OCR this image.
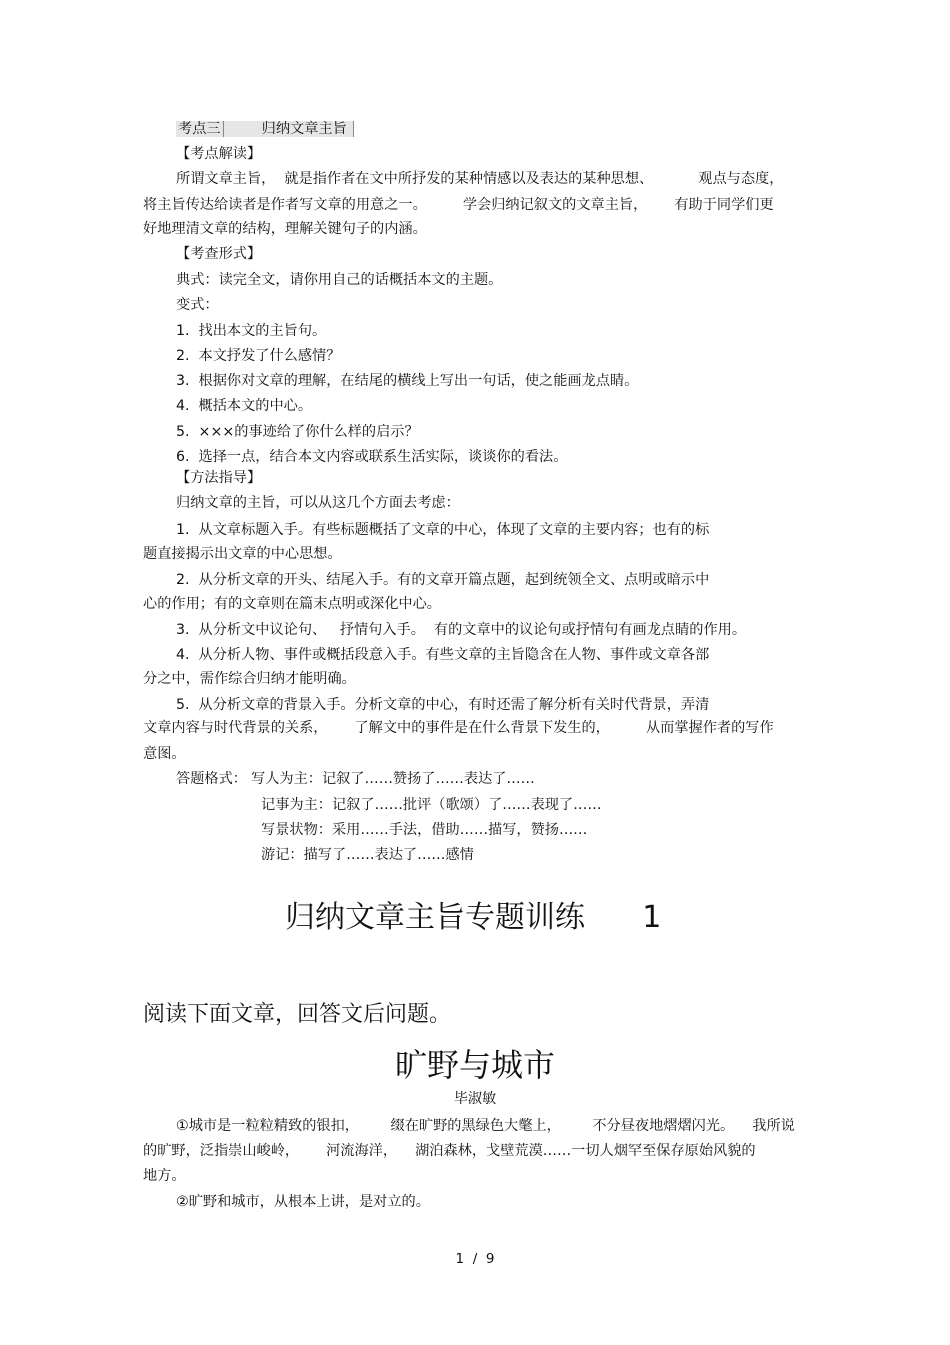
考点三	归纳文章主旨
【考点解读】
所谓文章主旨，  就是指作者在文中所抒发的某种情感以及表达的某种思想、          观点与态度，
将主旨传达给读者是作者写文章的用意之一。        学会归纳记叙文的文章主旨，      有助于同学们更
好地理清文章的结构，理解关键句子的内涵。
【考查形式】
典式：读完全文，请你用自己的话概括本文的主题。
变式：
1.  找出本文的主旨句。
2.  本文抒发了什么感情？
3.  根据你对文章的理解，在结尾的横线上写出一句话，使之能画龙点睛。
4.  概括本文的中心。
5.  ×××的事迹给了你什么样的启示？
6.  选择一点，结合本文内容或联系生活实际，谈谈你的看法。
【方法指导】
归纳文章的主旨，可以从这几个方面去考虑：
1.  从文章标题入手。有些标题概括了文章的中心，体现了文章的主要内容；也有的标
题直接揭示出文章的中心思想。
2.  从分析文章的开头、结尾入手。有的文章开篇点题，起到统领全文、点明或暗示中
心的作用；有的文章则在篇末点明或深化中心。
3.  从分析文中议论句、   抒情句入手。  有的文章中的议论句或抒情句有画龙点睛的作用。
4.  从分析人物、事件或概括段意入手。有些文章的主旨隐含在人物、事件或文章各部
分之中，需作综合归纳才能明确。
5.  从分析文章的背景入手。分析文章的中心，有时还需了解分析有关时代背景，弄清
文章内容与时代背景的关系，      了解文中的事件是在什么背景下发生的，        从而掌握作者的写作
意图。
答题格式： 写人为主：记叙了……赞扬了……表达了……
记事为主：记叙了……批评（歌颂）了……表现了……
写景状物：采用……手法，借助……描写，赞扬……
游记：描写了……表达了……感情
归纳文章主旨专题训练      1
阅读下面文章，回答文后问题。
旷野与城市
毕淑敏
①城市是一粒粒精致的银扣，       缀在旷野的黑绿色大氅上，       不分昼夜地熠熠闪光。    我所说
的旷野，泛指崇山峻岭，      河流海洋，    湖泊森林，戈壁荒漠……一切人烟罕至保存原始风貌的
地方。
②旷野和城市，从根本上讲，是对立的。
1  /  9
